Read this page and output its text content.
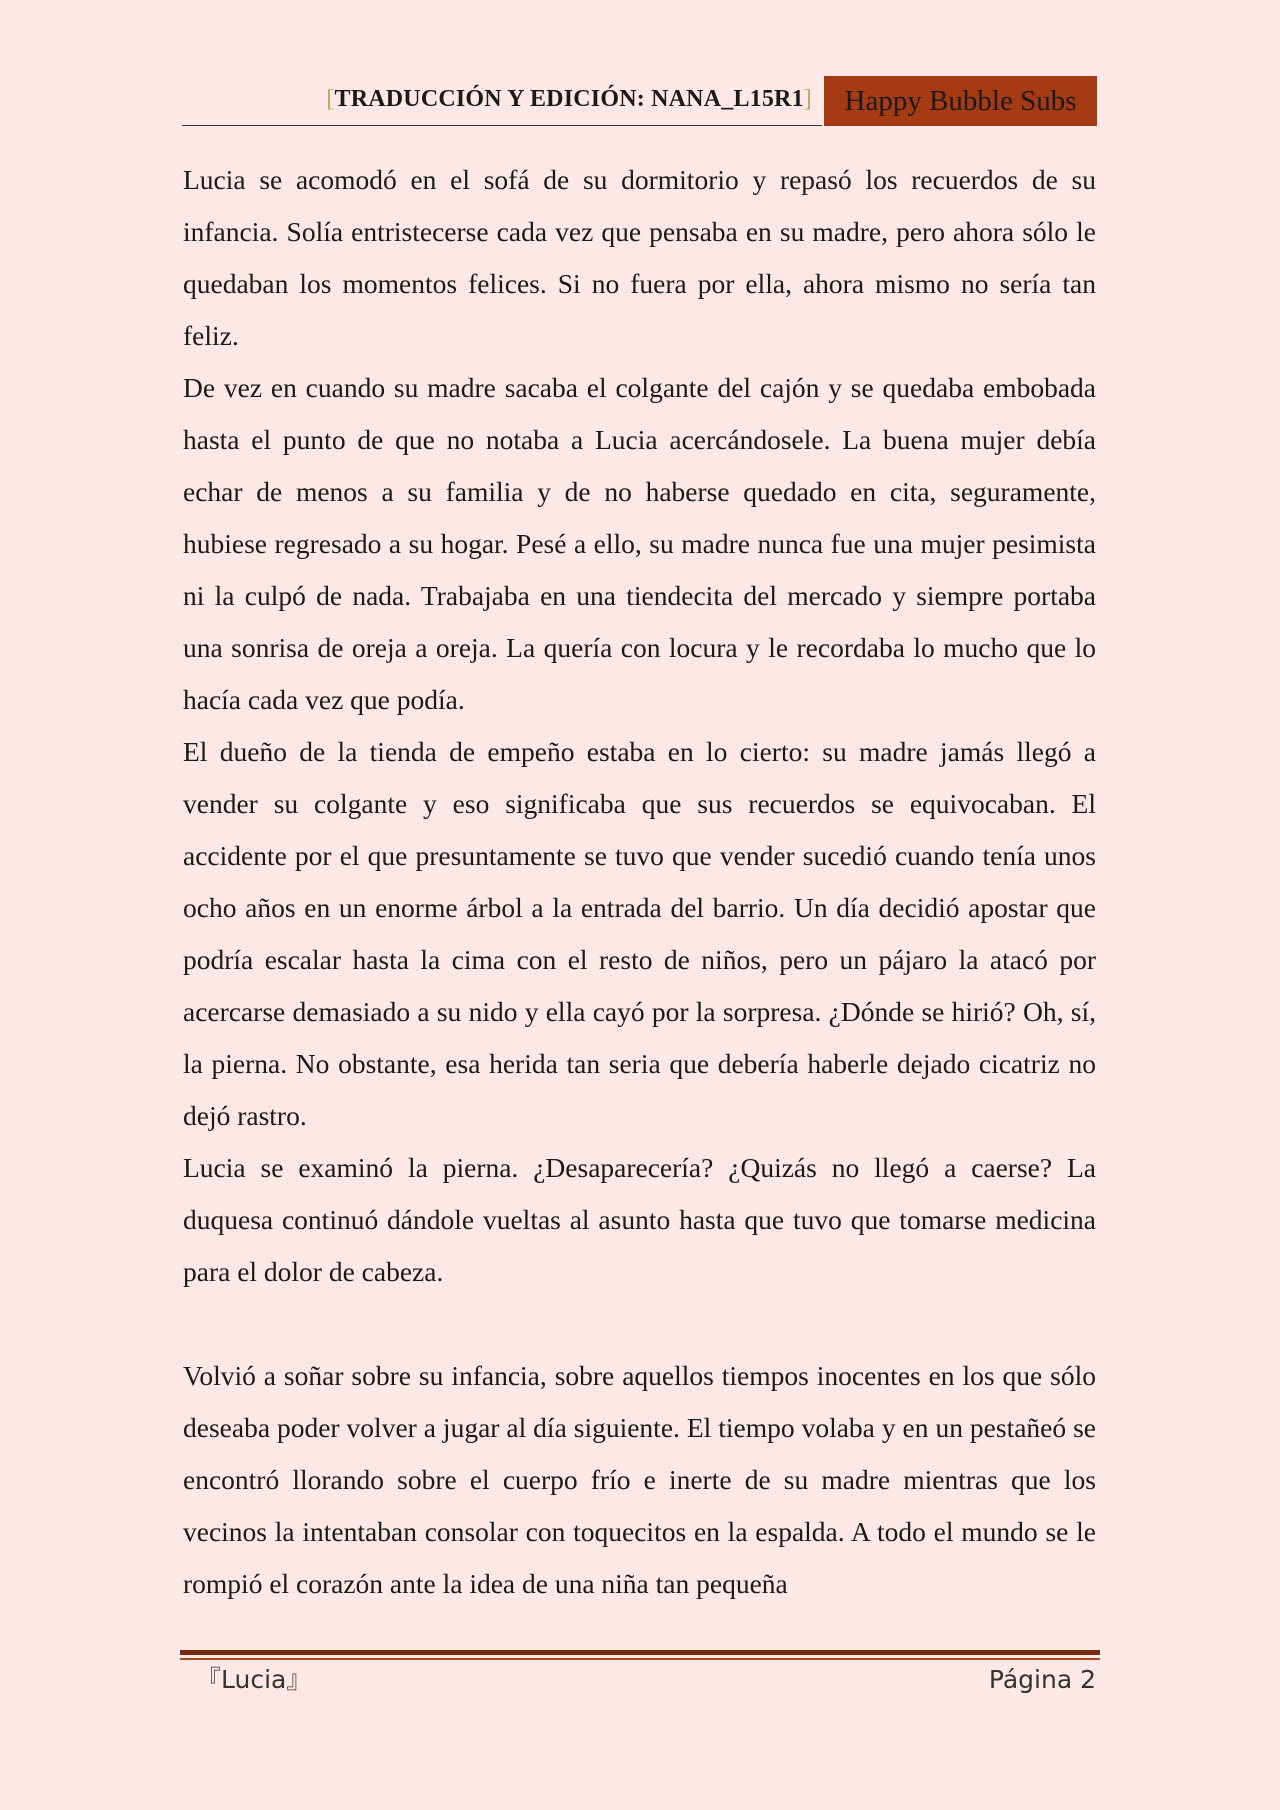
[TRADUCCIÓN Y EDICIÓN: NANA_L15R1]	Happy Bubble Subs

Lucia se acomodó en el sofá de su dormitorio y repasó los recuerdos de su infancia. Solía entristecerse cada vez que pensaba en su madre, pero ahora sólo le quedaban los momentos felices. Si no fuera por ella, ahora mismo no sería tan feliz.

De vez en cuando su madre sacaba el colgante del cajón y se quedaba embobada hasta el punto de que no notaba a Lucia acercándosele. La buena mujer debía echar de menos a su familia y de no haberse quedado en cita, seguramente, hubiese regresado a su hogar. Pesé a ello, su madre nunca fue una mujer pesimista ni la culpó de nada. Trabajaba en una tiendecita del mercado y siempre portaba una sonrisa de oreja a oreja. La quería con locura y le recordaba lo mucho que lo hacía cada vez que podía.

El dueño de la tienda de empeño estaba en lo cierto: su madre jamás llegó a vender su colgante y eso significaba que sus recuerdos se equivocaban. El accidente por el que presuntamente se tuvo que vender sucedió cuando tenía unos ocho años en un enorme árbol a la entrada del barrio. Un día decidió apostar que podría escalar hasta la cima con el resto de niños, pero un pájaro la atacó por acercarse demasiado a su nido y ella cayó por la sorpresa. ¿Dónde se hirió? Oh, sí, la pierna. No obstante, esa herida tan seria que debería haberle dejado cicatriz no dejó rastro.

Lucia se examinó la pierna. ¿Desaparecería? ¿Quizás no llegó a caerse? La duquesa continuó dándole vueltas al asunto hasta que tuvo que tomarse medicina para el dolor de cabeza.

Volvió a soñar sobre su infancia, sobre aquellos tiempos inocentes en los que sólo deseaba poder volver a jugar al día siguiente. El tiempo volaba y en un pestañeó se encontró llorando sobre el cuerpo frío e inerte de su madre mientras que los vecinos la intentaban consolar con toquecitos en la espalda. A todo el mundo se le rompió el corazón ante la idea de una niña tan pequeña

『Lucia』	Página 2
